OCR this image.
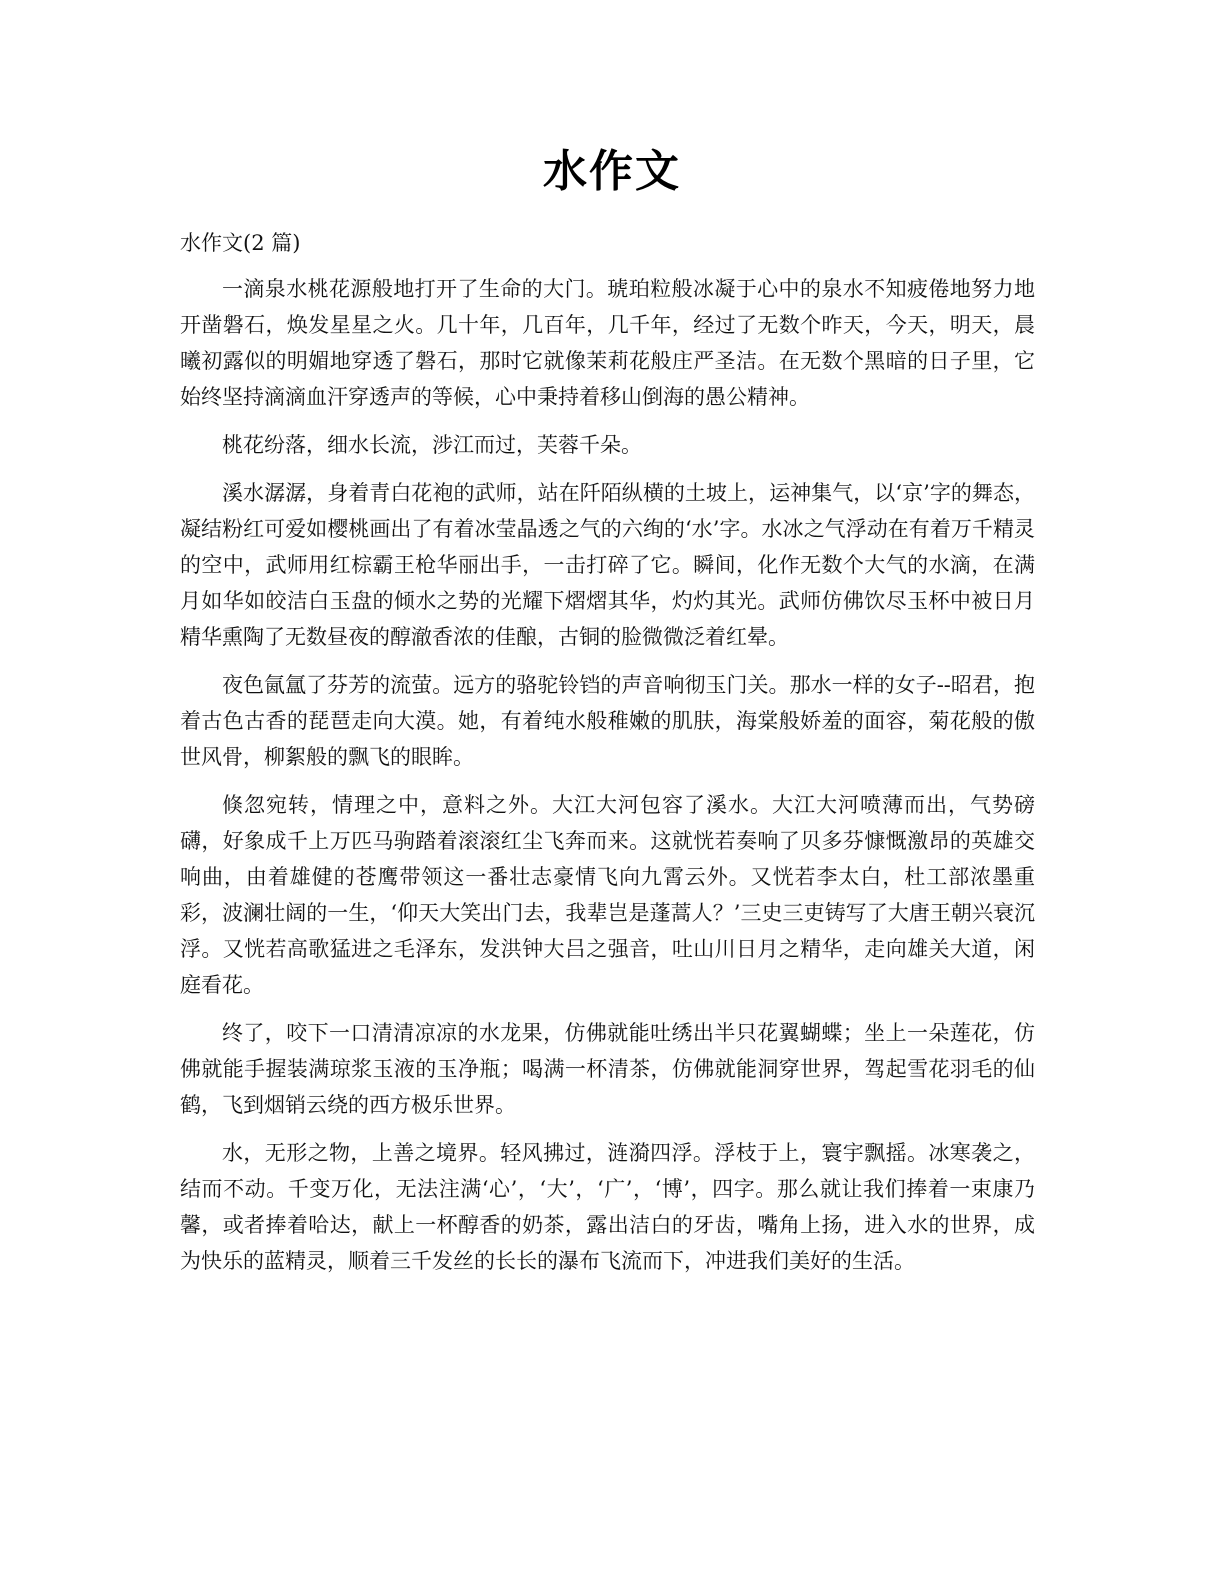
水作文

水作文(2 篇)

一滴泉水桃花源般地打开了生命的大门。琥珀粒般冰凝于心中的泉水不知疲倦地努力地开凿磐石，焕发星星之火。几十年，几百年，几千年，经过了无数个昨天，今天，明天，晨曦初露似的明媚地穿透了磐石，那时它就像茉莉花般庄严圣洁。在无数个黑暗的日子里，它始终坚持滴滴血汗穿透声的等候，心中秉持着移山倒海的愚公精神。

桃花纷落，细水长流，涉江而过，芙蓉千朵。

溪水潺潺，身着青白花袍的武师，站在阡陌纵横的土坡上，运神集气，以‘京’字的舞态，凝结粉红可爱如樱桃画出了有着冰莹晶透之气的六绚的‘水’字。水冰之气浮动在有着万千精灵的空中，武师用红棕霸王枪华丽出手，一击打碎了它。瞬间，化作无数个大气的水滴，在满月如华如皎洁白玉盘的倾水之势的光耀下熠熠其华，灼灼其光。武师仿佛饮尽玉杯中被日月精华熏陶了无数昼夜的醇澈香浓的佳酿，古铜的脸微微泛着红晕。

夜色氤氲了芬芳的流萤。远方的骆驼铃铛的声音响彻玉门关。那水一样的女子--昭君，抱着古色古香的琵琶走向大漠。她，有着纯水般稚嫩的肌肤，海棠般娇羞的面容，菊花般的傲世风骨，柳絮般的飘飞的眼眸。

倏忽宛转，情理之中，意料之外。大江大河包容了溪水。大江大河喷薄而出，气势磅礴，好象成千上万匹马驹踏着滚滚红尘飞奔而来。这就恍若奏响了贝多芬慷慨激昂的英雄交响曲，由着雄健的苍鹰带领这一番壮志豪情飞向九霄云外。又恍若李太白，杜工部浓墨重彩，波澜壮阔的一生，‘仰天大笑出门去，我辈岂是蓬蒿人？’三史三吏铸写了大唐王朝兴衰沉浮。又恍若高歌猛进之毛泽东，发洪钟大吕之强音，吐山川日月之精华，走向雄关大道，闲庭看花。

终了，咬下一口清清凉凉的水龙果，仿佛就能吐绣出半只花翼蝴蝶；坐上一朵莲花，仿佛就能手握装满琼浆玉液的玉净瓶；喝满一杯清茶，仿佛就能洞穿世界，驾起雪花羽毛的仙鹤，飞到烟销云绕的西方极乐世界。

水，无形之物，上善之境界。轻风拂过，涟漪四浮。浮枝于上，寰宇飘摇。冰寒袭之，结而不动。千变万化，无法注满‘心’，‘大’，‘广’，‘博’，四字。那么就让我们捧着一束康乃馨，或者捧着哈达，献上一杯醇香的奶茶，露出洁白的牙齿，嘴角上扬，进入水的世界，成为快乐的蓝精灵，顺着三千发丝的长长的瀑布飞流而下，冲进我们美好的生活。
